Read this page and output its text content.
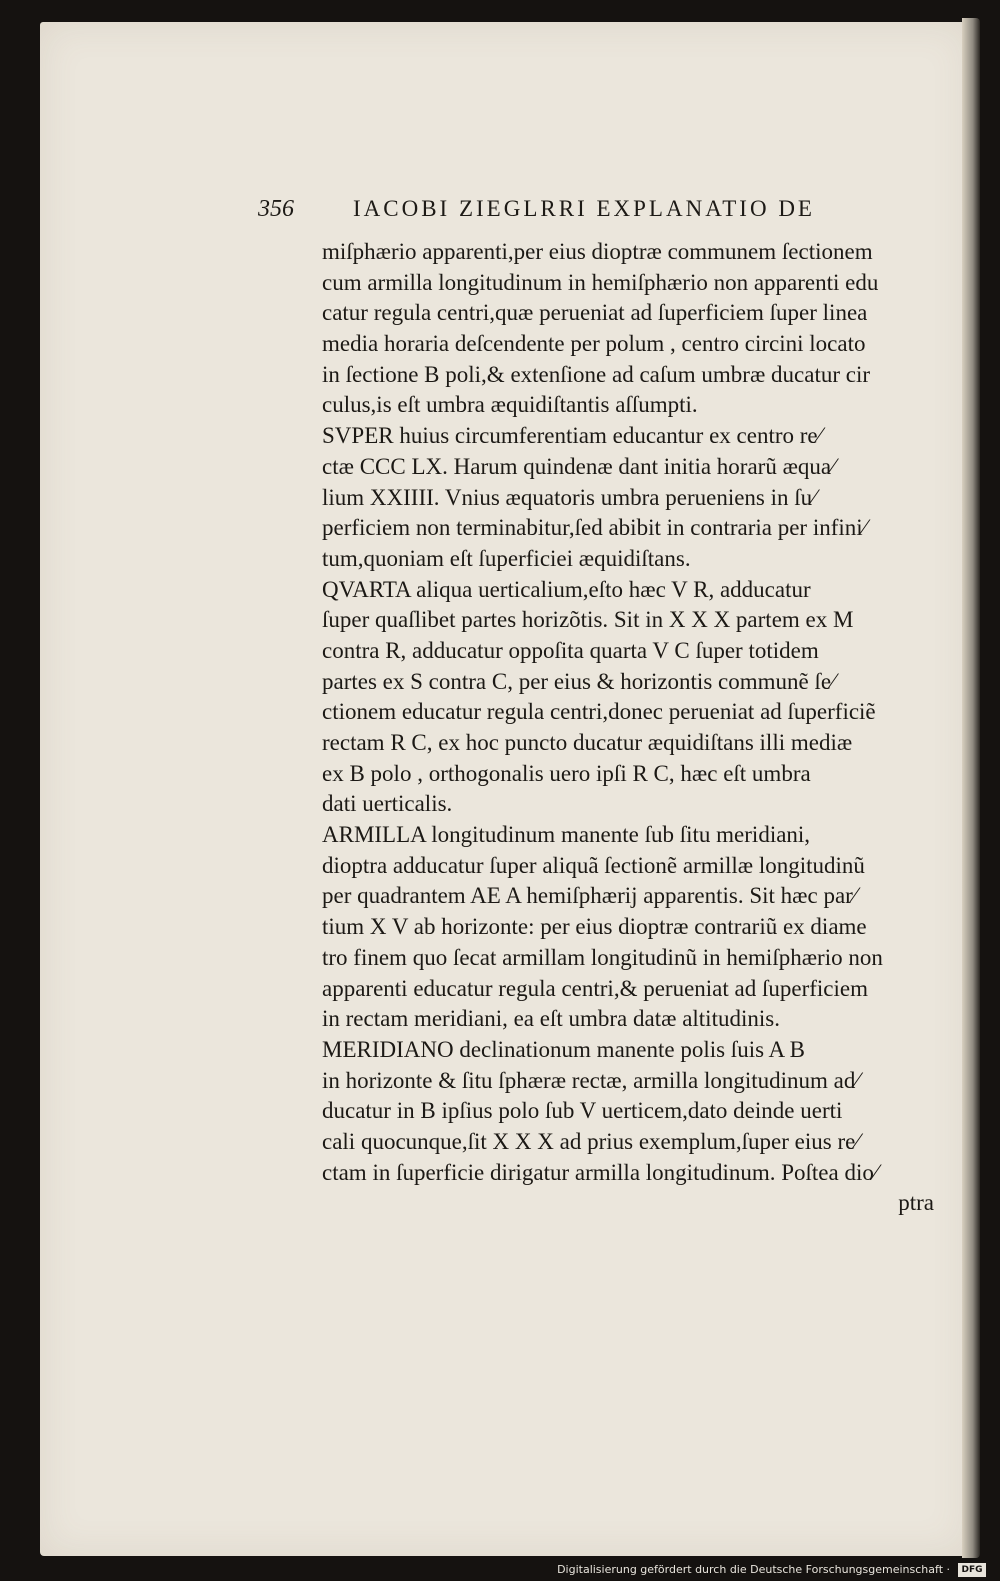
356	IACOBI ZIEGLRRI EXPLANATIO DE
miſphærio apparenti,per eius dioptræ communem ſectionem
cum armilla longitudinum in hemiſphærio non apparenti edu
catur regula centri,quæ perueniat ad ſuperficiem ſuper linea
media horaria deſcendente per polum , centro circini locato
in ſectione B poli,& extenſione ad caſum umbræ ducatur cir
culus,is eſt umbra æquidiſtantis aſſumpti.
SVPER huius circumferentiam educantur ex centro re⁄
ctæ CCC LX. Harum quindenæ dant initia horarũ æqua⁄
lium XXIIII. Vnius æquatoris umbra perueniens in ſu⁄
perficiem non terminabitur,ſed abibit in contraria per infini⁄
tum,quoniam eſt ſuperficiei æquidiſtans.
QVARTA aliqua uerticalium,eſto hæc V R, adducatur
ſuper quaſlibet partes horizõtis. Sit in X X X partem ex M
contra R, adducatur oppoſita quarta V C ſuper totidem
partes ex S contra C, per eius & horizontis communẽ ſe⁄
ctionem educatur regula centri,donec perueniat ad ſuperficiẽ
rectam R C, ex hoc puncto ducatur æquidiſtans illi mediæ
ex B polo , orthogonalis uero ipſi R C, hæc eſt umbra
dati uerticalis.
ARMILLA longitudinum manente ſub ſitu meridiani,
dioptra adducatur ſuper aliquã ſectionẽ armillæ longitudinũ
per quadrantem AE A hemiſphærij apparentis. Sit hæc par⁄
tium X V ab horizonte: per eius dioptræ contrariũ ex diame
tro finem quo ſecat armillam longitudinũ in hemiſphærio non
apparenti educatur regula centri,& perueniat ad ſuperficiem
in rectam meridiani, ea eſt umbra datæ altitudinis.
MERIDIANO declinationum manente polis ſuis A B
in horizonte & ſitu ſphæræ rectæ, armilla longitudinum ad⁄
ducatur in B ipſius polo ſub V uerticem,dato deinde uerti
cali quocunque,ſit X X X ad prius exemplum,ſuper eius re⁄
ctam in ſuperficie dirigatur armilla longitudinum. Poſtea dio⁄
ptra
Digitalisierung gefördert durch die Deutsche Forschungsgemeinschaft ·	DFG
